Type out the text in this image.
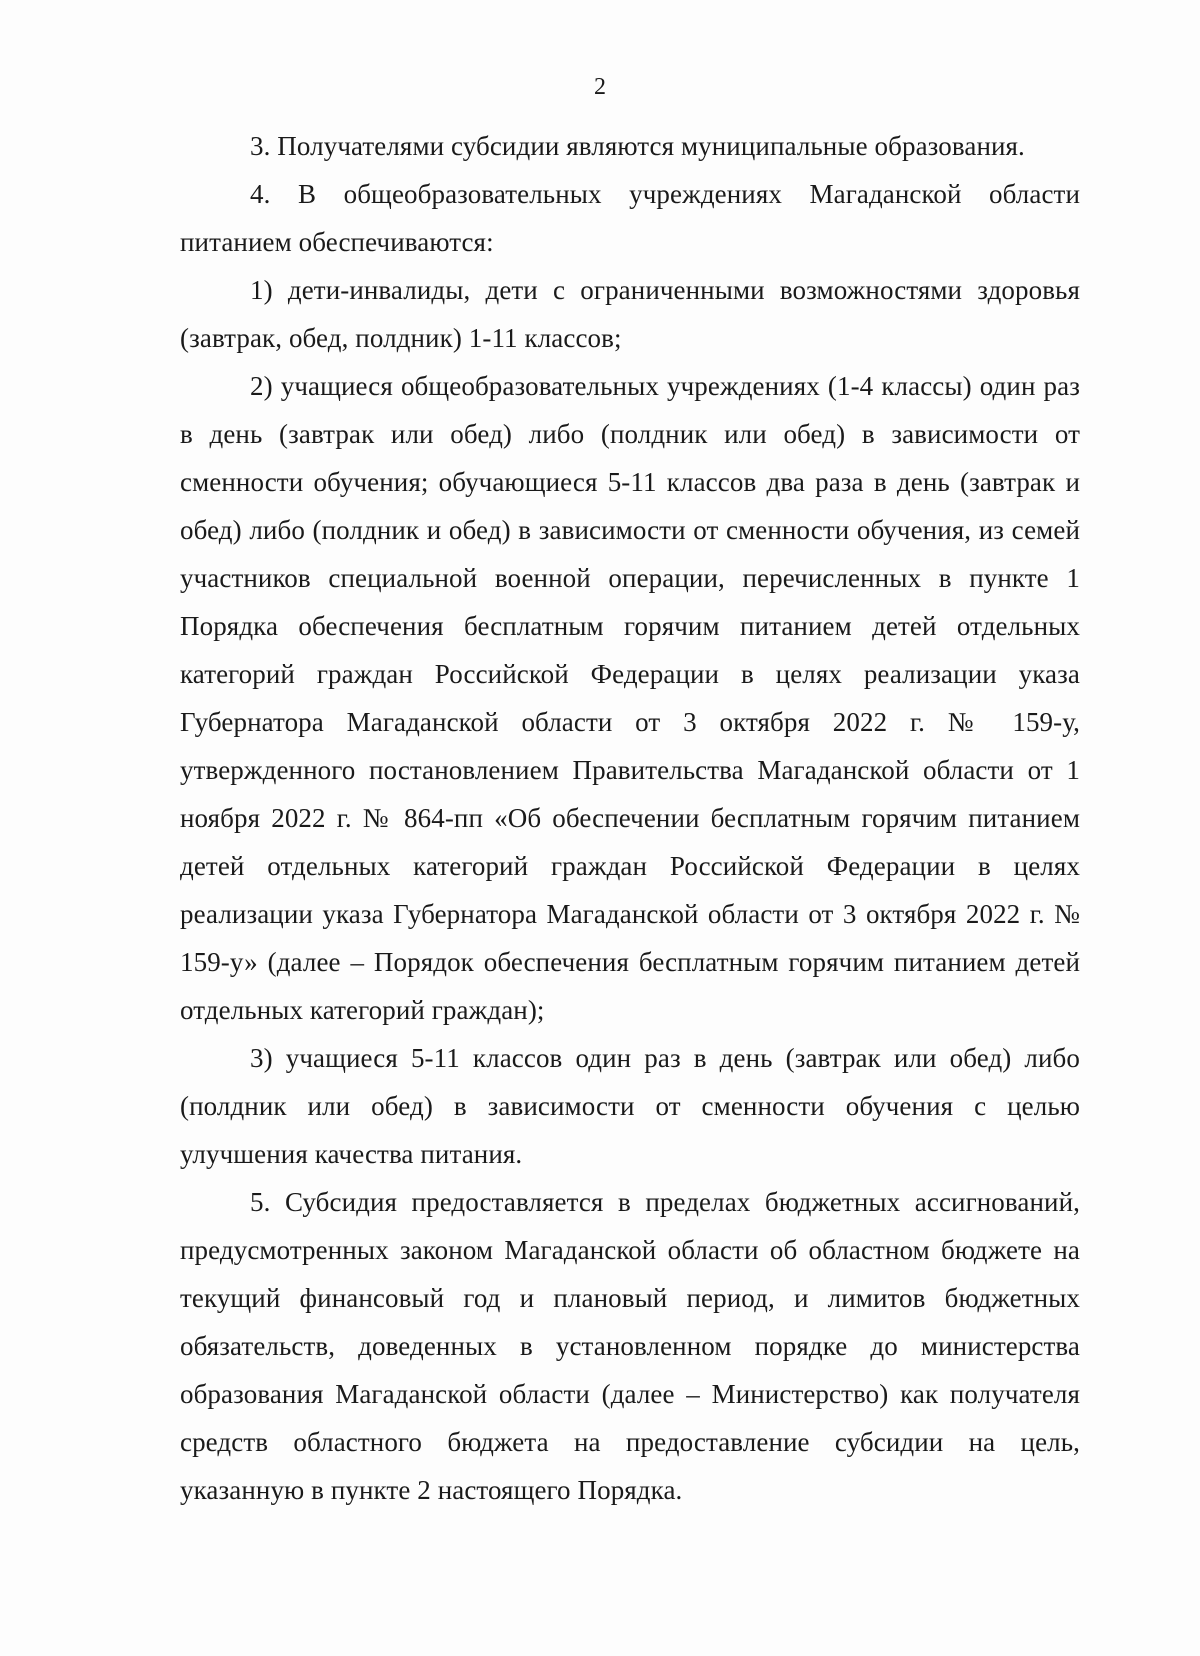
2

3. Получателями субсидии являются муниципальные образования.

4. В общеобразовательных учреждениях Магаданской области питанием обеспечиваются:

1) дети-инвалиды, дети с ограниченными возможностями здоровья (завтрак, обед, полдник) 1-11 классов;

2) учащиеся общеобразовательных учреждениях (1-4 классы) один раз в день (завтрак или обед) либо (полдник или обед) в зависимости от сменности обучения; обучающиеся 5-11 классов два раза в день (завтрак и обед) либо (полдник и обед) в зависимости от сменности обучения, из семей участников специальной военной операции, перечисленных в пункте 1 Порядка обеспечения бесплатным горячим питанием детей отдельных категорий граждан Российской Федерации в целях реализации указа Губернатора Магаданской области от 3 октября 2022 г. № 159-у, утвержденного постановлением Правительства Магаданской области от 1 ноября 2022 г. № 864-пп «Об обеспечении бесплатным горячим питанием детей отдельных категорий граждан Российской Федерации в целях реализации указа Губернатора Магаданской области от 3 октября 2022 г. № 159-у» (далее – Порядок обеспечения бесплатным горячим питанием детей отдельных категорий граждан);

3) учащиеся 5-11 классов один раз в день (завтрак или обед) либо (полдник или обед) в зависимости от сменности обучения с целью улучшения качества питания.

5. Субсидия предоставляется в пределах бюджетных ассигнований, предусмотренных законом Магаданской области об областном бюджете на текущий финансовый год и плановый период, и лимитов бюджетных обязательств, доведенных в установленном порядке до министерства образования Магаданской области (далее – Министерство) как получателя средств областного бюджета на предоставление субсидии на цель, указанную в пункте 2 настоящего Порядка.
